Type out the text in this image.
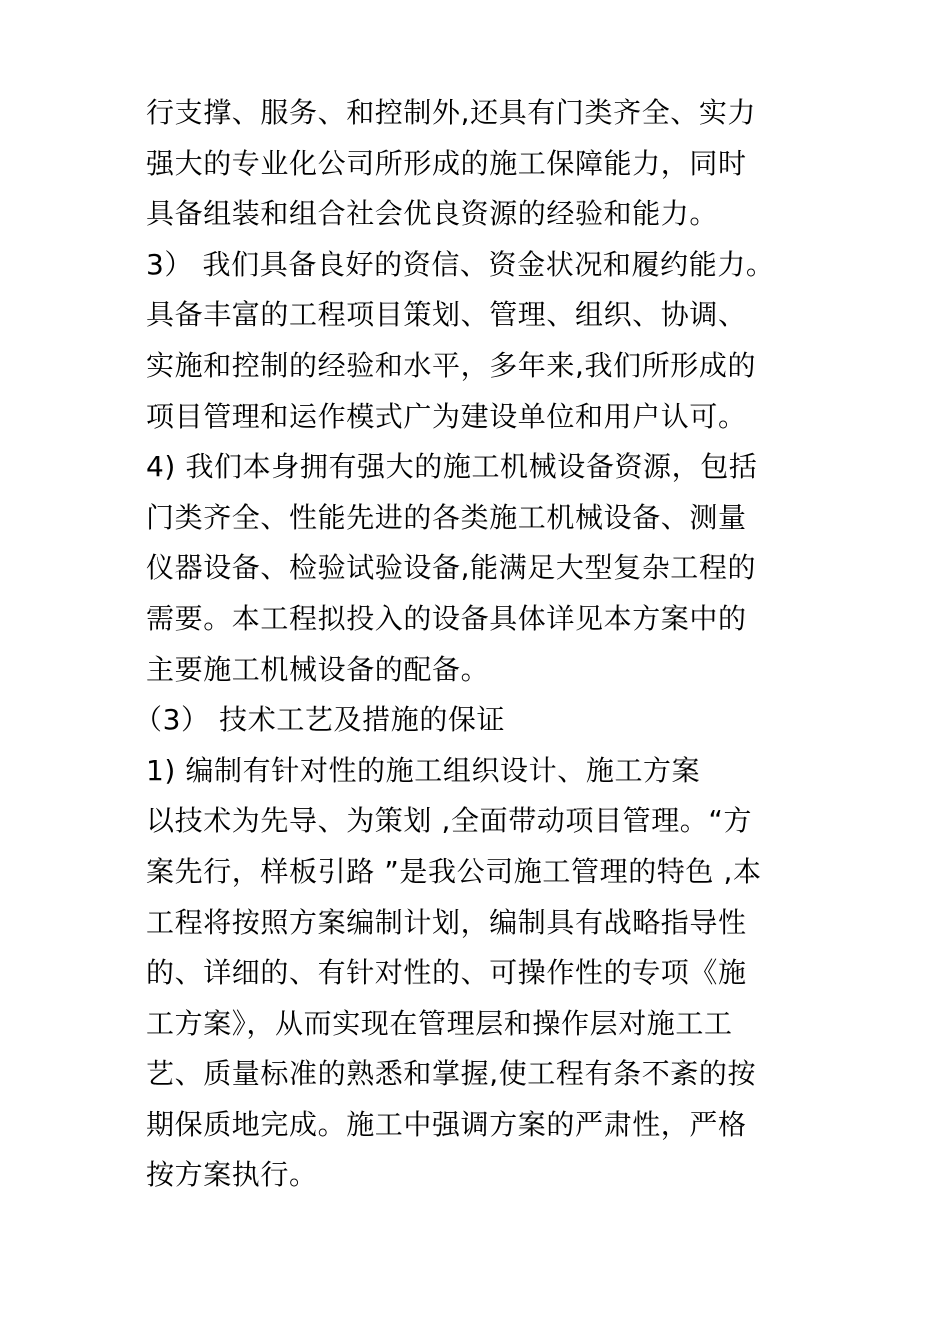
行支撑、服务、和控制外,还具有门类齐全、实力
强大的专业化公司所形成的施工保障能力，同时
具备组装和组合社会优良资源的经验和能力。
3） 我们具备良好的资信、资金状况和履约能力。
具备丰富的工程项目策划、管理、组织、协调、
实施和控制的经验和水平，多年来,我们所形成的
项目管理和运作模式广为建设单位和用户认可。
4) 我们本身拥有强大的施工机械设备资源，包括
门类齐全、性能先进的各类施工机械设备、测量
仪器设备、检验试验设备,能满足大型复杂工程的
需要。本工程拟投入的设备具体详见本方案中的
主要施工机械设备的配备。
（3） 技术工艺及措施的保证
1) 编制有针对性的施工组织设计、施工方案
以技术为先导、为策划 ,全面带动项目管理。“方
案先行，样板引路 ”是我公司施工管理的特色 ,本
工程将按照方案编制计划，编制具有战略指导性
的、详细的、有针对性的、可操作性的专项《施
工方案》，从而实现在管理层和操作层对施工工
艺、质量标准的熟悉和掌握,使工程有条不紊的按
期保质地完成。施工中强调方案的严肃性，严格
按方案执行。
